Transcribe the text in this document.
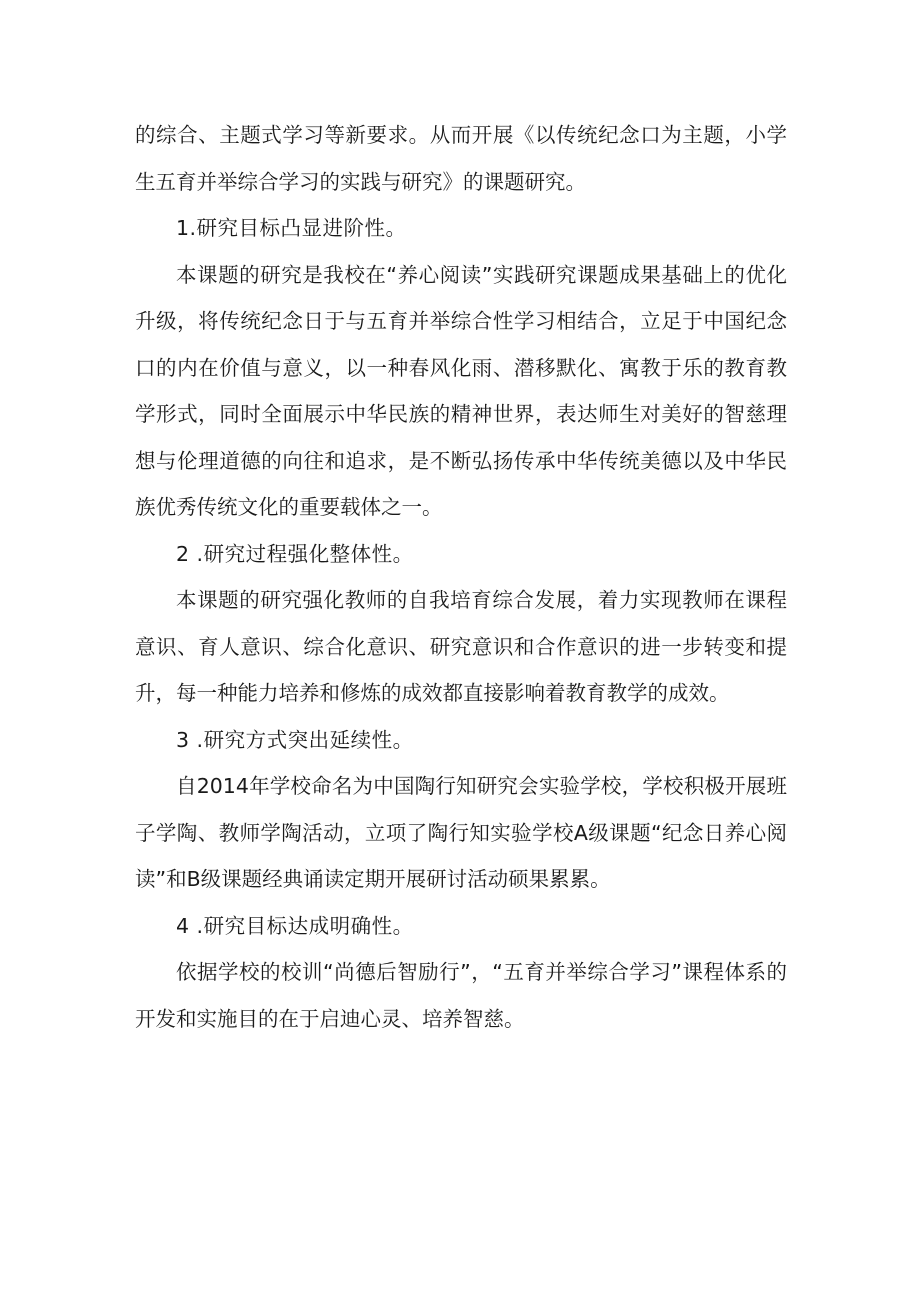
的综合、主题式学习等新要求。从而开展《以传统纪念口为主题，小学生五育并举综合学习的实践与研究》的课题研究。

1.研究目标凸显进阶性。

本课题的研究是我校在“养心阅读”实践研究课题成果基础上的优化升级，将传统纪念日于与五育并举综合性学习相结合，立足于中国纪念口的内在价值与意义，以一种春风化雨、潜移默化、寓教于乐的教育教学形式，同时全面展示中华民族的精神世界，表达师生对美好的智慈理想与伦理道德的向往和追求，是不断弘扬传承中华传统美德以及中华民族优秀传统文化的重要载体之一。

2 .研究过程强化整体性。

本课题的研究强化教师的自我培育综合发展，着力实现教师在课程意识、育人意识、综合化意识、研究意识和合作意识的进一步转变和提升，每一种能力培养和修炼的成效都直接影响着教育教学的成效。

3 .研究方式突出延续性。

自2014年学校命名为中国陶行知研究会实验学校，学校积极开展班子学陶、教师学陶活动，立项了陶行知实验学校A级课题“纪念日养心阅读”和B级课题经典诵读定期开展研讨活动硕果累累。

4 .研究目标达成明确性。

依据学校的校训“尚德后智励行”，“五育并举综合学习”课程体系的开发和实施目的在于启迪心灵、培养智慈。
